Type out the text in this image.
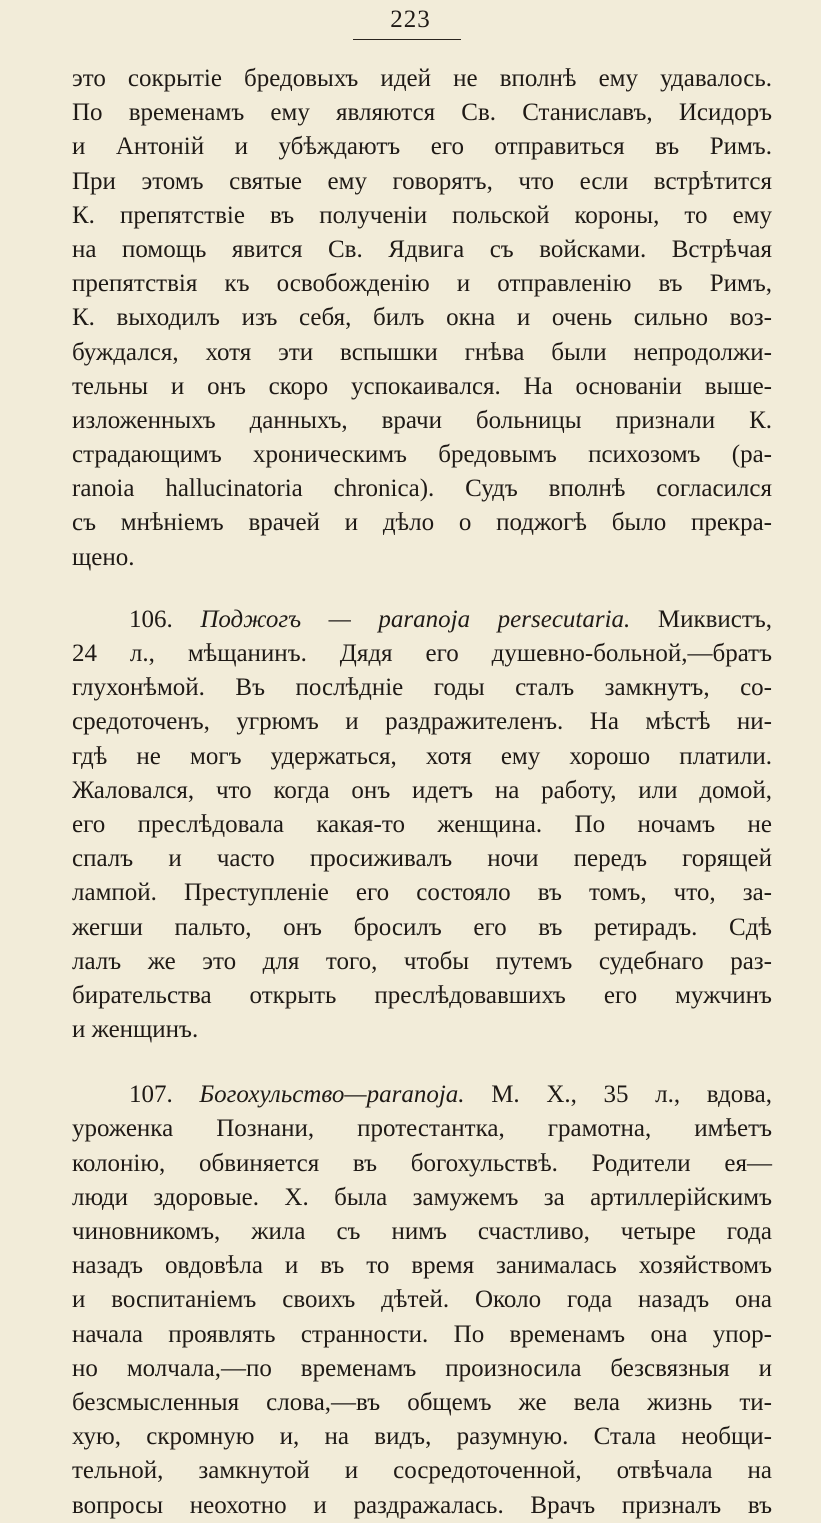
223
это сокрытіе бредовыхъ идей не вполнѣ ему удавалось.
По временамъ ему являются Св. Станиславъ, Исидоръ
и Антоній и убѣждаютъ его отправиться въ Римъ.
При этомъ святые ему говорятъ, что если встрѣтится
К. препятствіе въ полученіи польской короны, то ему
на помощь явится Св. Ядвига съ войсками. Встрѣчая
препятствія къ освобожденію и отправленію въ Римъ,
К. выходилъ изъ себя, билъ окна и очень сильно воз-
буждался, хотя эти вспышки гнѣва были непродолжи-
тельны и онъ скоро успокаивался. На основаніи выше-
изложенныхъ данныхъ, врачи больницы признали К.
страдающимъ хроническимъ бредовымъ психозомъ (pa-
ranoia hallucinatoria chronica). Судъ вполнѣ согласился
съ мнѣніемъ врачей и дѣло о поджогѣ было прекра-
щено.
106. Поджогъ — paranoja persecutaria. Миквистъ,
24 л., мѣщанинъ. Дядя его душевно-больной,—братъ
глухонѣмой. Въ послѣдніе годы сталъ замкнутъ, со-
средоточенъ, угрюмъ и раздражителенъ. На мѣстѣ ни-
гдѣ не могъ удержаться, хотя ему хорошо платили.
Жаловался, что когда онъ идетъ на работу, или домой,
его преслѣдовала какая-то женщина. По ночамъ не
спалъ и часто просиживалъ ночи передъ горящей
лампой. Преступленіе его состояло въ томъ, что, за-
жегши пальто, онъ бросилъ его въ ретирадъ. Сдѣ
лалъ же это для того, чтобы путемъ судебнаго раз-
бирательства открыть преслѣдовавшихъ его мужчинъ
и женщинъ.
107. Богохульство—paranoja. М. Х., 35 л., вдова,
уроженка Познани, протестантка, грамотна, имѣетъ
колонію, обвиняется въ богохульствѣ. Родители ея—
люди здоровые. Х. была замужемъ за артиллерійскимъ
чиновникомъ, жила съ нимъ счастливо, четыре года
назадъ овдовѣла и въ то время занималась хозяйствомъ
и воспитаніемъ своихъ дѣтей. Около года назадъ она
начала проявлять странности. По временамъ она упор-
но молчала,—по временамъ произносила безсвязныя и
безсмысленныя слова,—въ общемъ же вела жизнь ти-
хую, скромную и, на видъ, разумную. Стала необщи-
тельной, замкнутой и сосредоточенной, отвѣчала на
вопросы неохотно и раздражалась. Врачъ призналъ въ
